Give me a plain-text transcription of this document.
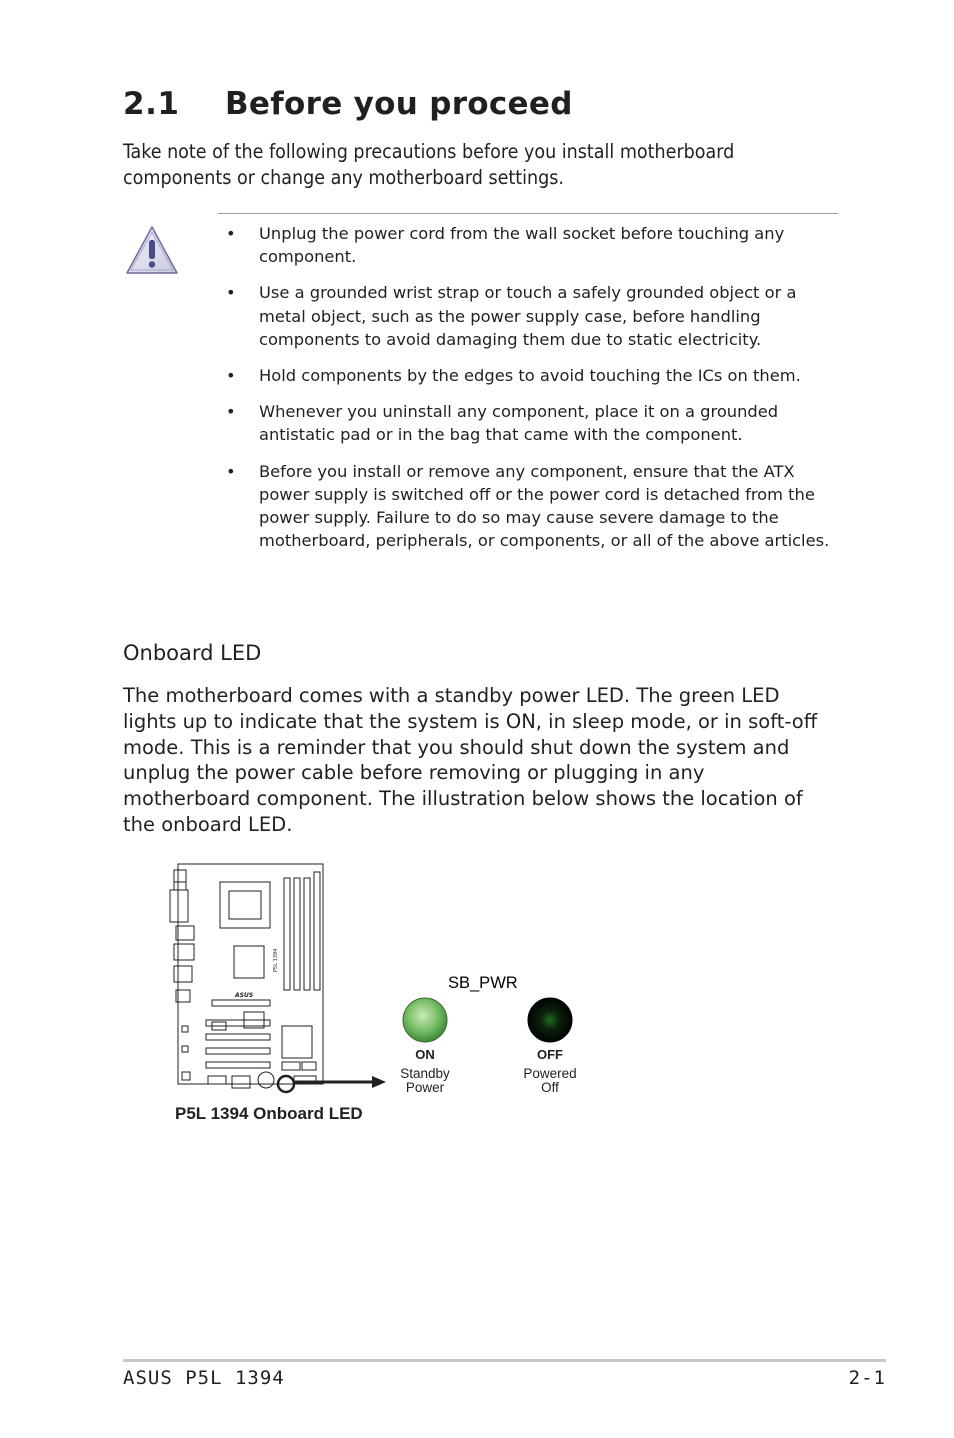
2.1 Before you proceed
Take note of the following precautions before you install motherboard components or change any motherboard settings.
• Unplug the power cord from the wall socket before touching any component.
• Use a grounded wrist strap or touch a safely grounded object or a metal object, such as the power supply case, before handling components to avoid damaging them due to static electricity.
• Hold components by the edges to avoid touching the ICs on them.
• Whenever you uninstall any component, place it on a grounded antistatic pad or in the bag that came with the component.
• Before you install or remove any component, ensure that the ATX power supply is switched off or the power cord is detached from the power supply. Failure to do so may cause severe damage to the motherboard, peripherals, or components, or all of the above articles.
Onboard LED
The motherboard comes with a standby power LED. The green LED lights up to indicate that the system is ON, in sleep mode, or in soft-off mode. This is a reminder that you should shut down the system and unplug the power cable before removing or plugging in any motherboard component. The illustration below shows the location of the onboard LED.
ASUS
P5L 1394
SB_PWR
ON
Standby
Power
OFF
Powered
Off
P5L 1394 Onboard LED
ASUS P5L 1394	2-1
